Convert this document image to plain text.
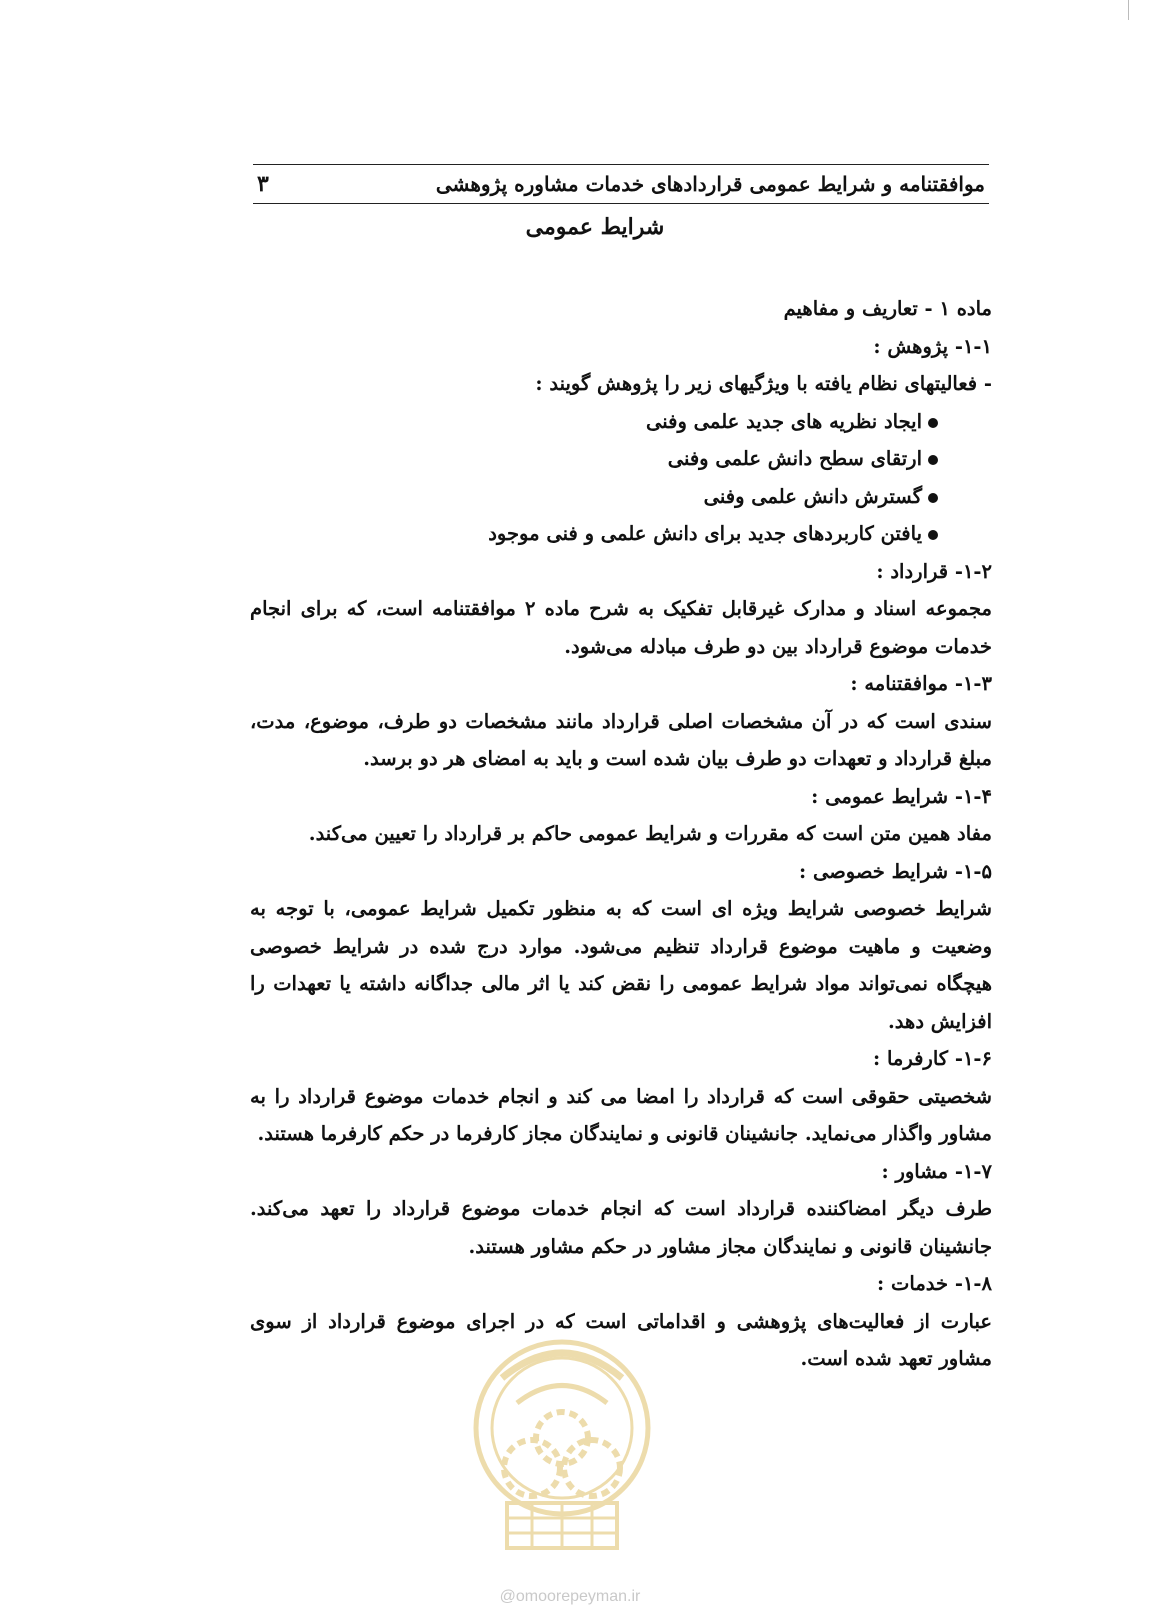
موافقتنامه و شرایط عمومی قراردادهای خدمات مشاوره پژوهشی
۳
شرایط عمومی

ماده ۱ - تعاریف و مفاهیم

۱-۱- پژوهش :

- فعالیتهای نظام یافته با ویژگیهای زیر را پژوهش گویند :

ایجاد نظریه های جدید علمی وفنی
ارتقای سطح دانش علمی وفنی
گسترش دانش علمی وفنی
یافتن کاربردهای جدید برای دانش علمی و فنی موجود

۱-۲- قرارداد :

مجموعه اسناد و مدارک غیرقابل تفکیک به شرح ماده ۲ موافقتنامه است، که برای انجام خدمات موضوع قرارداد بین دو طرف مبادله می‌شود.

۱-۳- موافقتنامه :

سندی است که در آن مشخصات اصلی قرارداد مانند مشخصات دو طرف، موضوع، مدت، مبلغ قرارداد و تعهدات دو طرف بیان شده است و باید به امضای هر دو برسد.

۱-۴- شرایط عمومی :

مفاد همین متن است که مقررات و شرایط عمومی حاکم بر قرارداد را تعیین می‌کند.

۱-۵- شرایط خصوصی :

شرایط خصوصی شرایط ویژه ای است که به منظور تکمیل شرایط عمومی، با توجه به وضعیت و ماهیت موضوع قرارداد تنظیم می‌شود. موارد درج شده در شرایط خصوصی هیچگاه نمی‌تواند مواد شرایط عمومی را نقض کند یا اثر مالی جداگانه داشته یا تعهدات را افزایش دهد.

۱-۶- کارفرما :

شخصیتی حقوقی است که قرارداد را امضا می کند و انجام خدمات موضوع قرارداد را به مشاور واگذار می‌نماید. جانشینان قانونی و نمایندگان مجاز کارفرما در حکم کارفرما هستند.

۱-۷- مشاور :

طرف دیگر امضاکننده قرارداد است که انجام خدمات موضوع قرارداد را تعهد می‌کند. جانشینان قانونی و نمایندگان مجاز مشاور در حکم مشاور هستند.

۱-۸- خدمات :

عبارت از فعالیت‌های پژوهشی و اقداماتی است که در اجرای موضوع قرارداد از سوی مشاور تعهد شده است.

@omoorepeyman.ir
